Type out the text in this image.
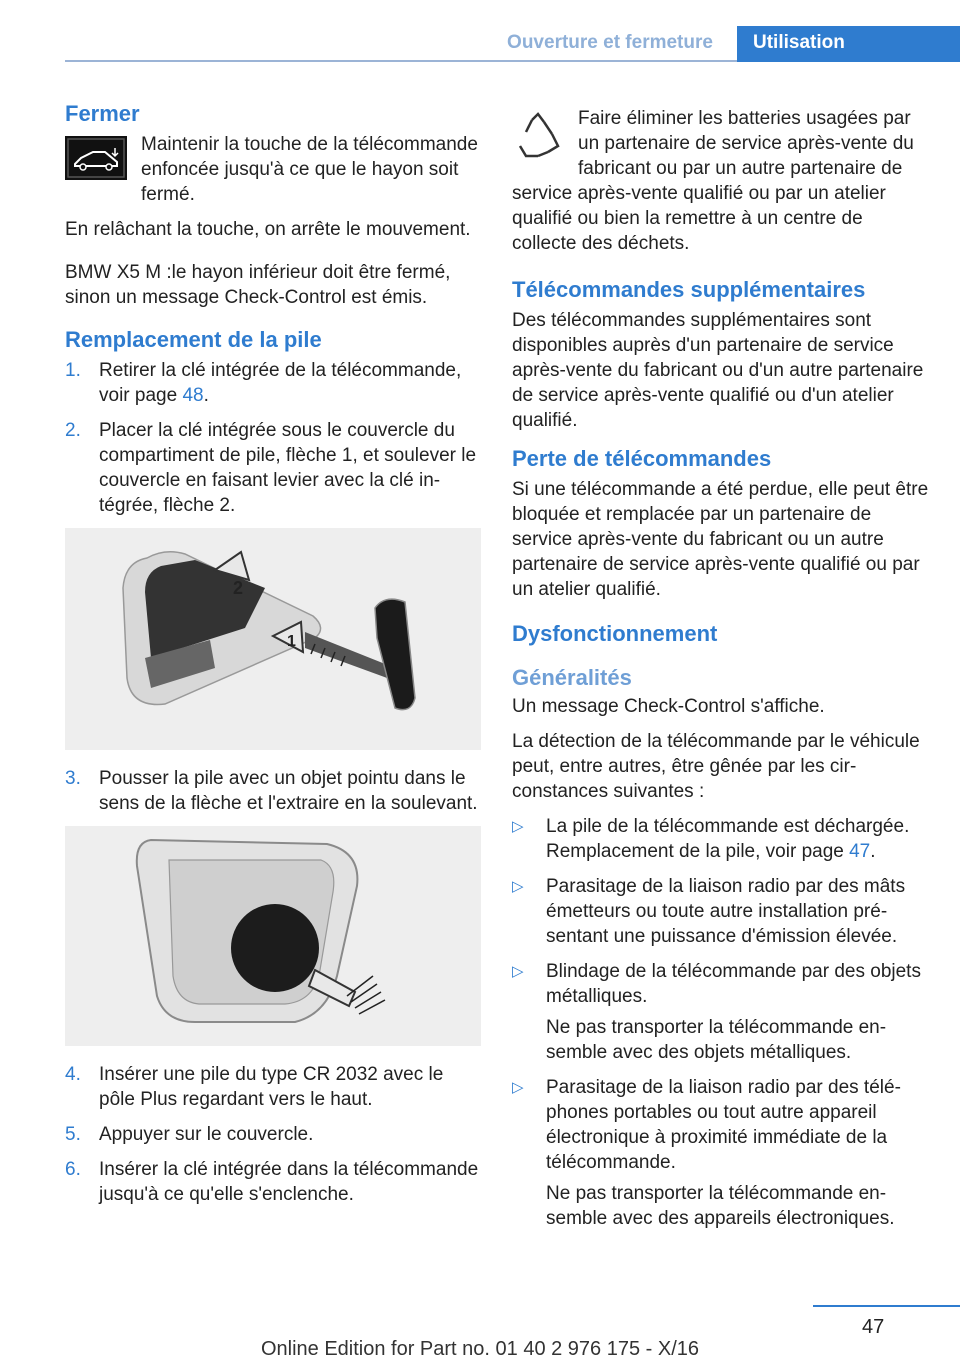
Ouverture et fermeture	Utilisation
Fermer

Maintenir la touche de la télécommande enfoncée jusqu'à ce que le hayon soit fermé.

En relâchant la touche, on arrête le mouvement.

BMW X5 M :le hayon inférieur doit être fermé, sinon un message Check-Control est émis.

Remplacement de la pile
1. Retirer la clé intégrée de la télécommande, voir page 48.
2. Placer la clé intégrée sous le couvercle du compartiment de pile, flèche 1, et soulever le couvercle en faisant levier avec la clé intégrée, flèche 2.
2
1
3. Pousser la pile avec un objet pointu dans le sens de la flèche et l'extraire en la soulevant.
4. Insérer une pile du type CR 2032 avec le pôle Plus regardant vers le haut.
5. Appuyer sur le couvercle.
6. Insérer la clé intégrée dans la télécommande jusqu'à ce qu'elle s'enclenche.

Faire éliminer les batteries usagées par un partenaire de service après-vente du fabricant ou par un autre partenaire de service après-vente qualifié ou par un atelier qualifié ou bien la remettre à un centre de collecte des déchets.

Télécommandes supplémentaires

Des télécommandes supplémentaires sont disponibles auprès d'un partenaire de service après-vente du fabricant ou d'un autre partenaire de service après-vente qualifié ou d'un atelier qualifié.

Perte de télécommandes

Si une télécommande a été perdue, elle peut être bloquée et remplacée par un partenaire de service après-vente du fabricant ou un autre partenaire de service après-vente qualifié ou par un atelier qualifié.

Dysfonctionnement
Généralités

Un message Check-Control s'affiche.

La détection de la télécommande par le véhicule peut, entre autres, être gênée par les circonstances suivantes :

▷	La pile de la télécommande est déchargée. Remplacement de la pile, voir page 47.
▷	Parasitage de la liaison radio par des mâts émetteurs ou toute autre installation présentant une puissance d'émission élevée.
▷	Blindage de la télécommande par des objets métalliques.
Ne pas transporter la télécommande ensemble avec des objets métalliques.
▷	Parasitage de la liaison radio par des téléphones portables ou tout autre appareil électronique à proximité immédiate de la télécommande.
Ne pas transporter la télécommande ensemble avec des appareils électroniques.
47
Online Edition for Part no. 01 40 2 976 175 - X/16
